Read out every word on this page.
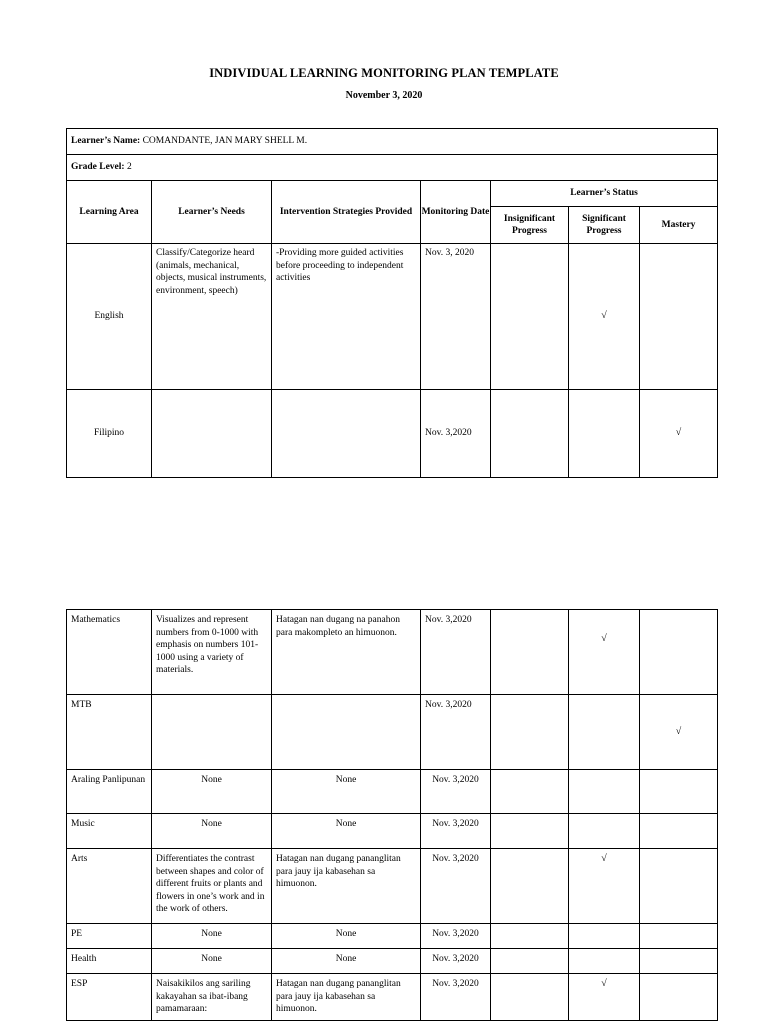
INDIVIDUAL LEARNING MONITORING PLAN TEMPLATE
November 3, 2020
Learner’s Name: COMANDANTE, JAN MARY SHELL M.						
Grade Level: 2						
Learning Area	Learner’s Needs	Intervention Strategies Provided	Monitoring Date	Learner’s Status		
				Insignificant Progress	Significant Progress	Mastery
English	Classify/Categorize heard (animals, mechanical, objects, musical instruments, environment, speech)	-Providing more guided activities before proceeding to independent activities	Nov. 3, 2020		√	
Filipino			Nov. 3,2020			√
Mathematics	Visualizes and represent numbers from 0-1000 with emphasis on numbers 101-1000 using a variety of materials.	Hatagan nan dugang na panahon para makompleto an himuonon.	Nov. 3,2020		√	
MTB			Nov. 3,2020			√
Araling Panlipunan	None	None	Nov. 3,2020			
Music	None	None	Nov. 3,2020			
Arts	Differentiates the contrast between shapes and color of different fruits or plants and flowers in one’s work and in the work of others.	Hatagan nan dugang pananglitan para jauy ija kabasehan sa himuonon.	Nov. 3,2020		√	
PE	None	None	Nov. 3,2020			
Health	None	None	Nov. 3,2020			
ESP	Naisakikilos ang sariling kakayahan sa ibat-ibang pamamaraan:	Hatagan nan dugang pananglitan para jauy ija kabasehan sa himuonon.	Nov. 3,2020		√	
